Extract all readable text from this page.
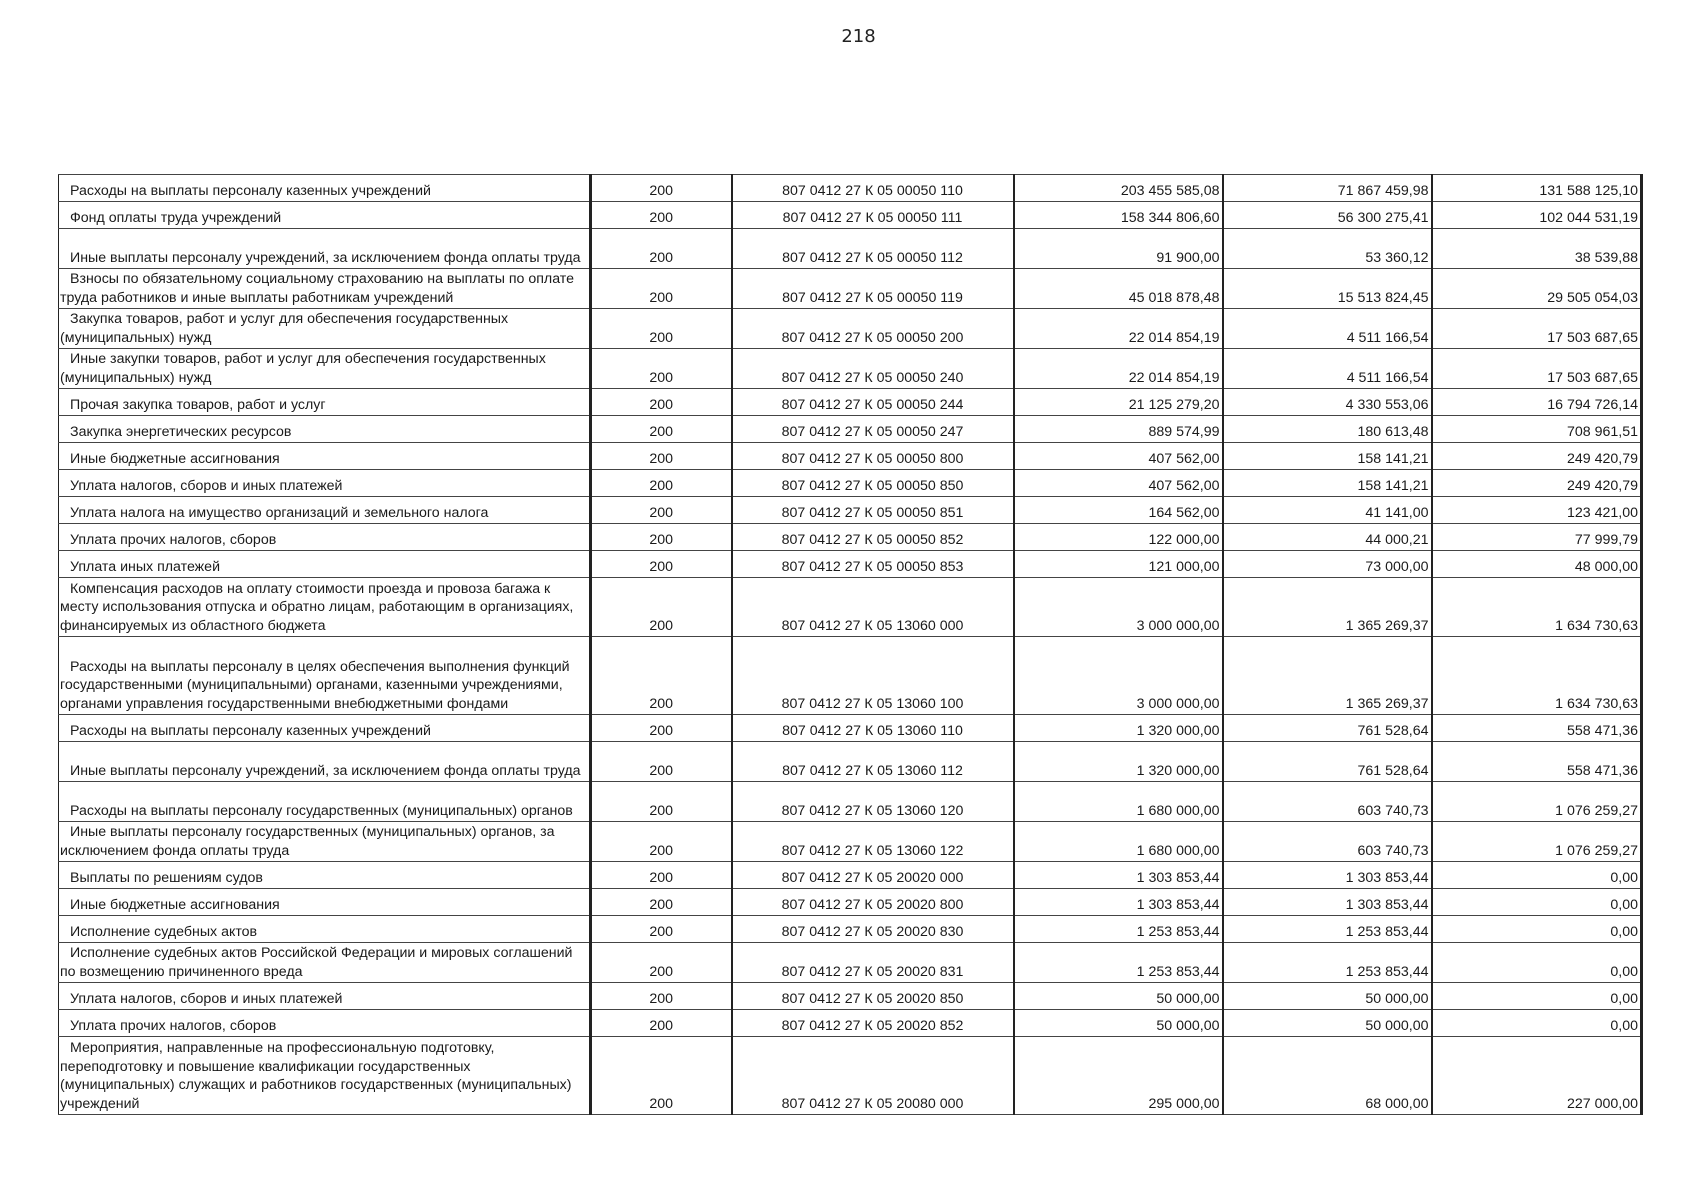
218
Расходы на выплаты персоналу казенных учреждений	200	807 0412 27 К 05 00050 110	203 455 585,08	71 867 459,98	131 588 125,10
Фонд оплаты труда учреждений	200	807 0412 27 К 05 00050 111	158 344 806,60	56 300 275,41	102 044 531,19
Иные выплаты персоналу учреждений, за исключением фонда оплаты труда	200	807 0412 27 К 05 00050 112	91 900,00	53 360,12	38 539,88
Взносы по обязательному социальному страхованию на выплаты по оплате труда работников и иные выплаты работникам учреждений	200	807 0412 27 К 05 00050 119	45 018 878,48	15 513 824,45	29 505 054,03
Закупка товаров, работ и услуг для обеспечения государственных (муниципальных) нужд	200	807 0412 27 К 05 00050 200	22 014 854,19	4 511 166,54	17 503 687,65
Иные закупки товаров, работ и услуг для обеспечения государственных (муниципальных) нужд	200	807 0412 27 К 05 00050 240	22 014 854,19	4 511 166,54	17 503 687,65
Прочая закупка товаров, работ и услуг	200	807 0412 27 К 05 00050 244	21 125 279,20	4 330 553,06	16 794 726,14
Закупка энергетических ресурсов	200	807 0412 27 К 05 00050 247	889 574,99	180 613,48	708 961,51
Иные бюджетные ассигнования	200	807 0412 27 К 05 00050 800	407 562,00	158 141,21	249 420,79
Уплата налогов, сборов и иных платежей	200	807 0412 27 К 05 00050 850	407 562,00	158 141,21	249 420,79
Уплата налога на имущество организаций и земельного налога	200	807 0412 27 К 05 00050 851	164 562,00	41 141,00	123 421,00
Уплата прочих налогов, сборов	200	807 0412 27 К 05 00050 852	122 000,00	44 000,21	77 999,79
Уплата иных платежей	200	807 0412 27 К 05 00050 853	121 000,00	73 000,00	48 000,00
Компенсация расходов на оплату стоимости проезда и провоза багажа к месту использования отпуска и обратно лицам, работающим в организациях, финансируемых из областного бюджета	200	807 0412 27 К 05 13060 000	3 000 000,00	1 365 269,37	1 634 730,63
Расходы на выплаты персоналу в целях обеспечения выполнения функций государственными (муниципальными) органами, казенными учреждениями, органами управления государственными внебюджетными фондами	200	807 0412 27 К 05 13060 100	3 000 000,00	1 365 269,37	1 634 730,63
Расходы на выплаты персоналу казенных учреждений	200	807 0412 27 К 05 13060 110	1 320 000,00	761 528,64	558 471,36
Иные выплаты персоналу учреждений, за исключением фонда оплаты труда	200	807 0412 27 К 05 13060 112	1 320 000,00	761 528,64	558 471,36
Расходы на выплаты персоналу государственных (муниципальных) органов	200	807 0412 27 К 05 13060 120	1 680 000,00	603 740,73	1 076 259,27
Иные выплаты персоналу государственных (муниципальных) органов, за исключением фонда оплаты труда	200	807 0412 27 К 05 13060 122	1 680 000,00	603 740,73	1 076 259,27
Выплаты по решениям судов	200	807 0412 27 К 05 20020 000	1 303 853,44	1 303 853,44	0,00
Иные бюджетные ассигнования	200	807 0412 27 К 05 20020 800	1 303 853,44	1 303 853,44	0,00
Исполнение судебных актов	200	807 0412 27 К 05 20020 830	1 253 853,44	1 253 853,44	0,00
Исполнение судебных актов Российской Федерации и мировых соглашений по возмещению причиненного вреда	200	807 0412 27 К 05 20020 831	1 253 853,44	1 253 853,44	0,00
Уплата налогов, сборов и иных платежей	200	807 0412 27 К 05 20020 850	50 000,00	50 000,00	0,00
Уплата прочих налогов, сборов	200	807 0412 27 К 05 20020 852	50 000,00	50 000,00	0,00
Мероприятия, направленные на профессиональную подготовку, переподготовку и повышение квалификации государственных (муниципальных) служащих и работников государственных (муниципальных) учреждений	200	807 0412 27 К 05 20080 000	295 000,00	68 000,00	227 000,00
